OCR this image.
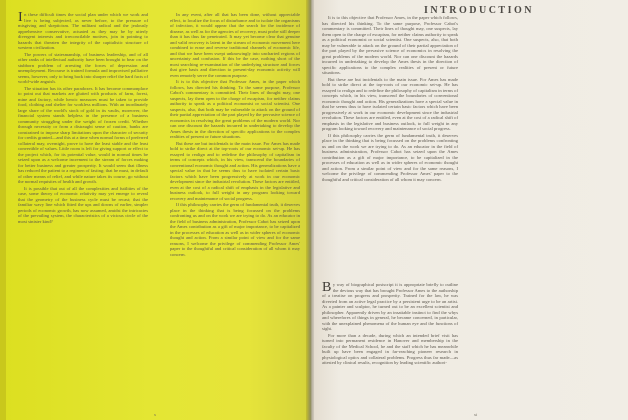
In these difficult times the social plan under which we work and live is being subjected, as never before, to the pressure of misgiving and skepticism. The militant radical and the jealously apprehensive conservative, actuated as they may be by utterly divergent interests and irreconcilable motives, join in pointing to hazards that threaten the integrity of the capitalistic structure of western civilization.

The powers of statesmanship, of business leadership, and of all other ranks of intellectual authority have been brought to bear on the stubborn problem of arresting the forces of depression and unemployment. Recourse is trained formula and improvised palliative seems, however, only to bring back into sharper relief the hard facts of world-wide anguish.

The situation has its other paradoxes. It has become commonplace to point out that markets are glutted with products of farm, forest, mine and factory, while heroic measures must be taken to provide food, clothing and shelter for workless millions. With an inordinately large share of the world's stock of gold in its vaults, moreover, the financial system stands helpless in the presence of a business community struggling under the weight of frozen credit. Whether through necessity or from a distraught sense of caution, banks are constrained to impose sharp limitations upon the character of security for credits granted—and this at a time when normal forms of preferred collateral may, overnight, prove to have the least stable and the least convertible of values. Little room is left for giving support or effect to the project which, for its potential value, would in normal times be seized upon as a welcome increment to the stream of forces making for better business and greater prosperity. It would seem that illness has reduced the patient to a regimen of fasting; that he must, in default of other means of relief, and while nature takes its course, go without the normal requisites of health and growth.

It is possible that out of all the complexities and futilities of the case, some theory of economic relativity may yet emerge to reveal that the geometry of the business cycle must be recast; that the familiar wavy line which fitted the ups and downs of earlier, simpler periods of economic growth, has now assumed, amidst the intricacies of the prevailing system, the characteristics of a vicious circle of the most sinister kind?

In any event, after all that has been done, without appreciable effect, to localize the focus of disturbance and to isolate the organisms of infection, it would appear that the search for the incidence of disease, as well as for the agencies of recovery, must probe still deeper than it has thus far penetrated. It may yet become clear that genuine and valid recovery is latent in the stream of economic movement here combined to erase and reverse traditional channels of economic life, and that we have been swept unknowingly into uncharted regions of uncertainty and confusion. If this be the case, nothing short of the most searching re-examination of the underlying structure and forces that give basis and direction to present-day economic activity will even remotely serve the common purpose.

It is to this objective that Professor Ames, in the paper which follows, has directed his thinking. To the same purpose, Professor Cabot's commentary is committed. Their lines of thought may, one suspects, lay them open to the charge of escapism, for neither claims authority to speak as a political economist or social scientist. One suspects, also, that both may be vulnerable to attack on the ground of their partial appreciation of the part played by the pervasive science of economics in resolving the great problems of the modern world. Nor can one discount the hazards incurred in undertaking to develop the Ames thesis in the direction of specific applications to the complex realities of present or future situations.

But these are but incidentals to the main issue. For Ames has made bold to strike direct at the top-roots of our economic set-up. He has essayed to realign and to redefine the philosophy of capitalism in terms of concepts which, in his view, transcend the boundaries of conventional economic thought and action. His generalizations have a special value in that he seems thus to have isolated certain basic factors which have been progressively at work in our economic development since the industrial revolution. These factors are entitled, even at the cost of a radical shift of emphasis in the legislative and business outlook, to full weight in any program looking toward recovery and maintenance of social progress.

If this philosophy carries the germ of fundamental truth, it deserves place in the thinking that is being focussed on the problems confronting us and on the work we are trying to do. As an educator in the field of business administration, Professor Cabot has seized upon the Ames contribution as a gift of major importance, to be capitalized in the processes of education as well as in wider spheres of economic thought and action. From a similar point of view and for the same reasons, I welcome the privilege of commending Professor Ames' paper to the thoughtful and critical consideration of all whom it may concern.

x
INTRODUCTION

It is to this objective that Professor Ames, in the paper which follows, has directed his thinking. To the same purpose, Professor Cabot's commentary is committed. Their lines of thought may, one suspects, lay them open to the charge of escapism, for neither claims authority to speak as a political economist or social scientist. One suspects, also, that both may be vulnerable to attack on the ground of their partial appreciation of the part played by the pervasive science of economics in resolving the great problems of the modern world. Nor can one discount the hazards incurred in undertaking to develop the Ames thesis in the direction of specific applications to the complex realities of present or future situations.

But these are but incidentals to the main issue. For Ames has made bold to strike direct at the top-roots of our economic set-up. He has essayed to realign and to redefine the philosophy of capitalism in terms of concepts which, in his view, transcend the boundaries of conventional economic thought and action. His generalizations have a special value in that he seems thus to have isolated certain basic factors which have been progressively at work in our economic development since the industrial revolution. These factors are entitled, even at the cost of a radical shift of emphasis in the legislative and business outlook, to full weight in any program looking toward recovery and maintenance of social progress.

If this philosophy carries the germ of fundamental truth, it deserves place in the thinking that is being focussed on the problems confronting us and on the work we are trying to do. As an educator in the field of business administration, Professor Cabot has seized upon the Ames contribution as a gift of major importance, to be capitalized in the processes of education as well as in wider spheres of economic thought and action. From a similar point of view and for the same reasons, I welcome the privilege of commending Professor Ames' paper to the thoughtful and critical consideration of all whom it may concern.

By way of biographical postscript it is appropriate briefly to outline the devious way that has brought Professor Ames to the authorship of a treatise on progress and prosperity. Trained for the law, he was diverted from an active legal practice by a persistent urge to be an artist. As a painter and sculptor, he turned out to be an excellent scientist and philosopher. Apparently driven by an insatiable instinct to find the whys and wherefores of things in general, he became concerned, in particular, with the unexplained phenomena of the human eye and the functions of sight.

For more than a decade, during which an intended brief visit has turned into permanent residence in Hanover and membership in the faculty of the Medical School, he and the staff which he has meanwhile built up have been engaged in far-reaching pioneer research in physiological optics and collateral problems. Progress thus far made—as attested by clinical results, recognition by leading scientific authori-

xi
